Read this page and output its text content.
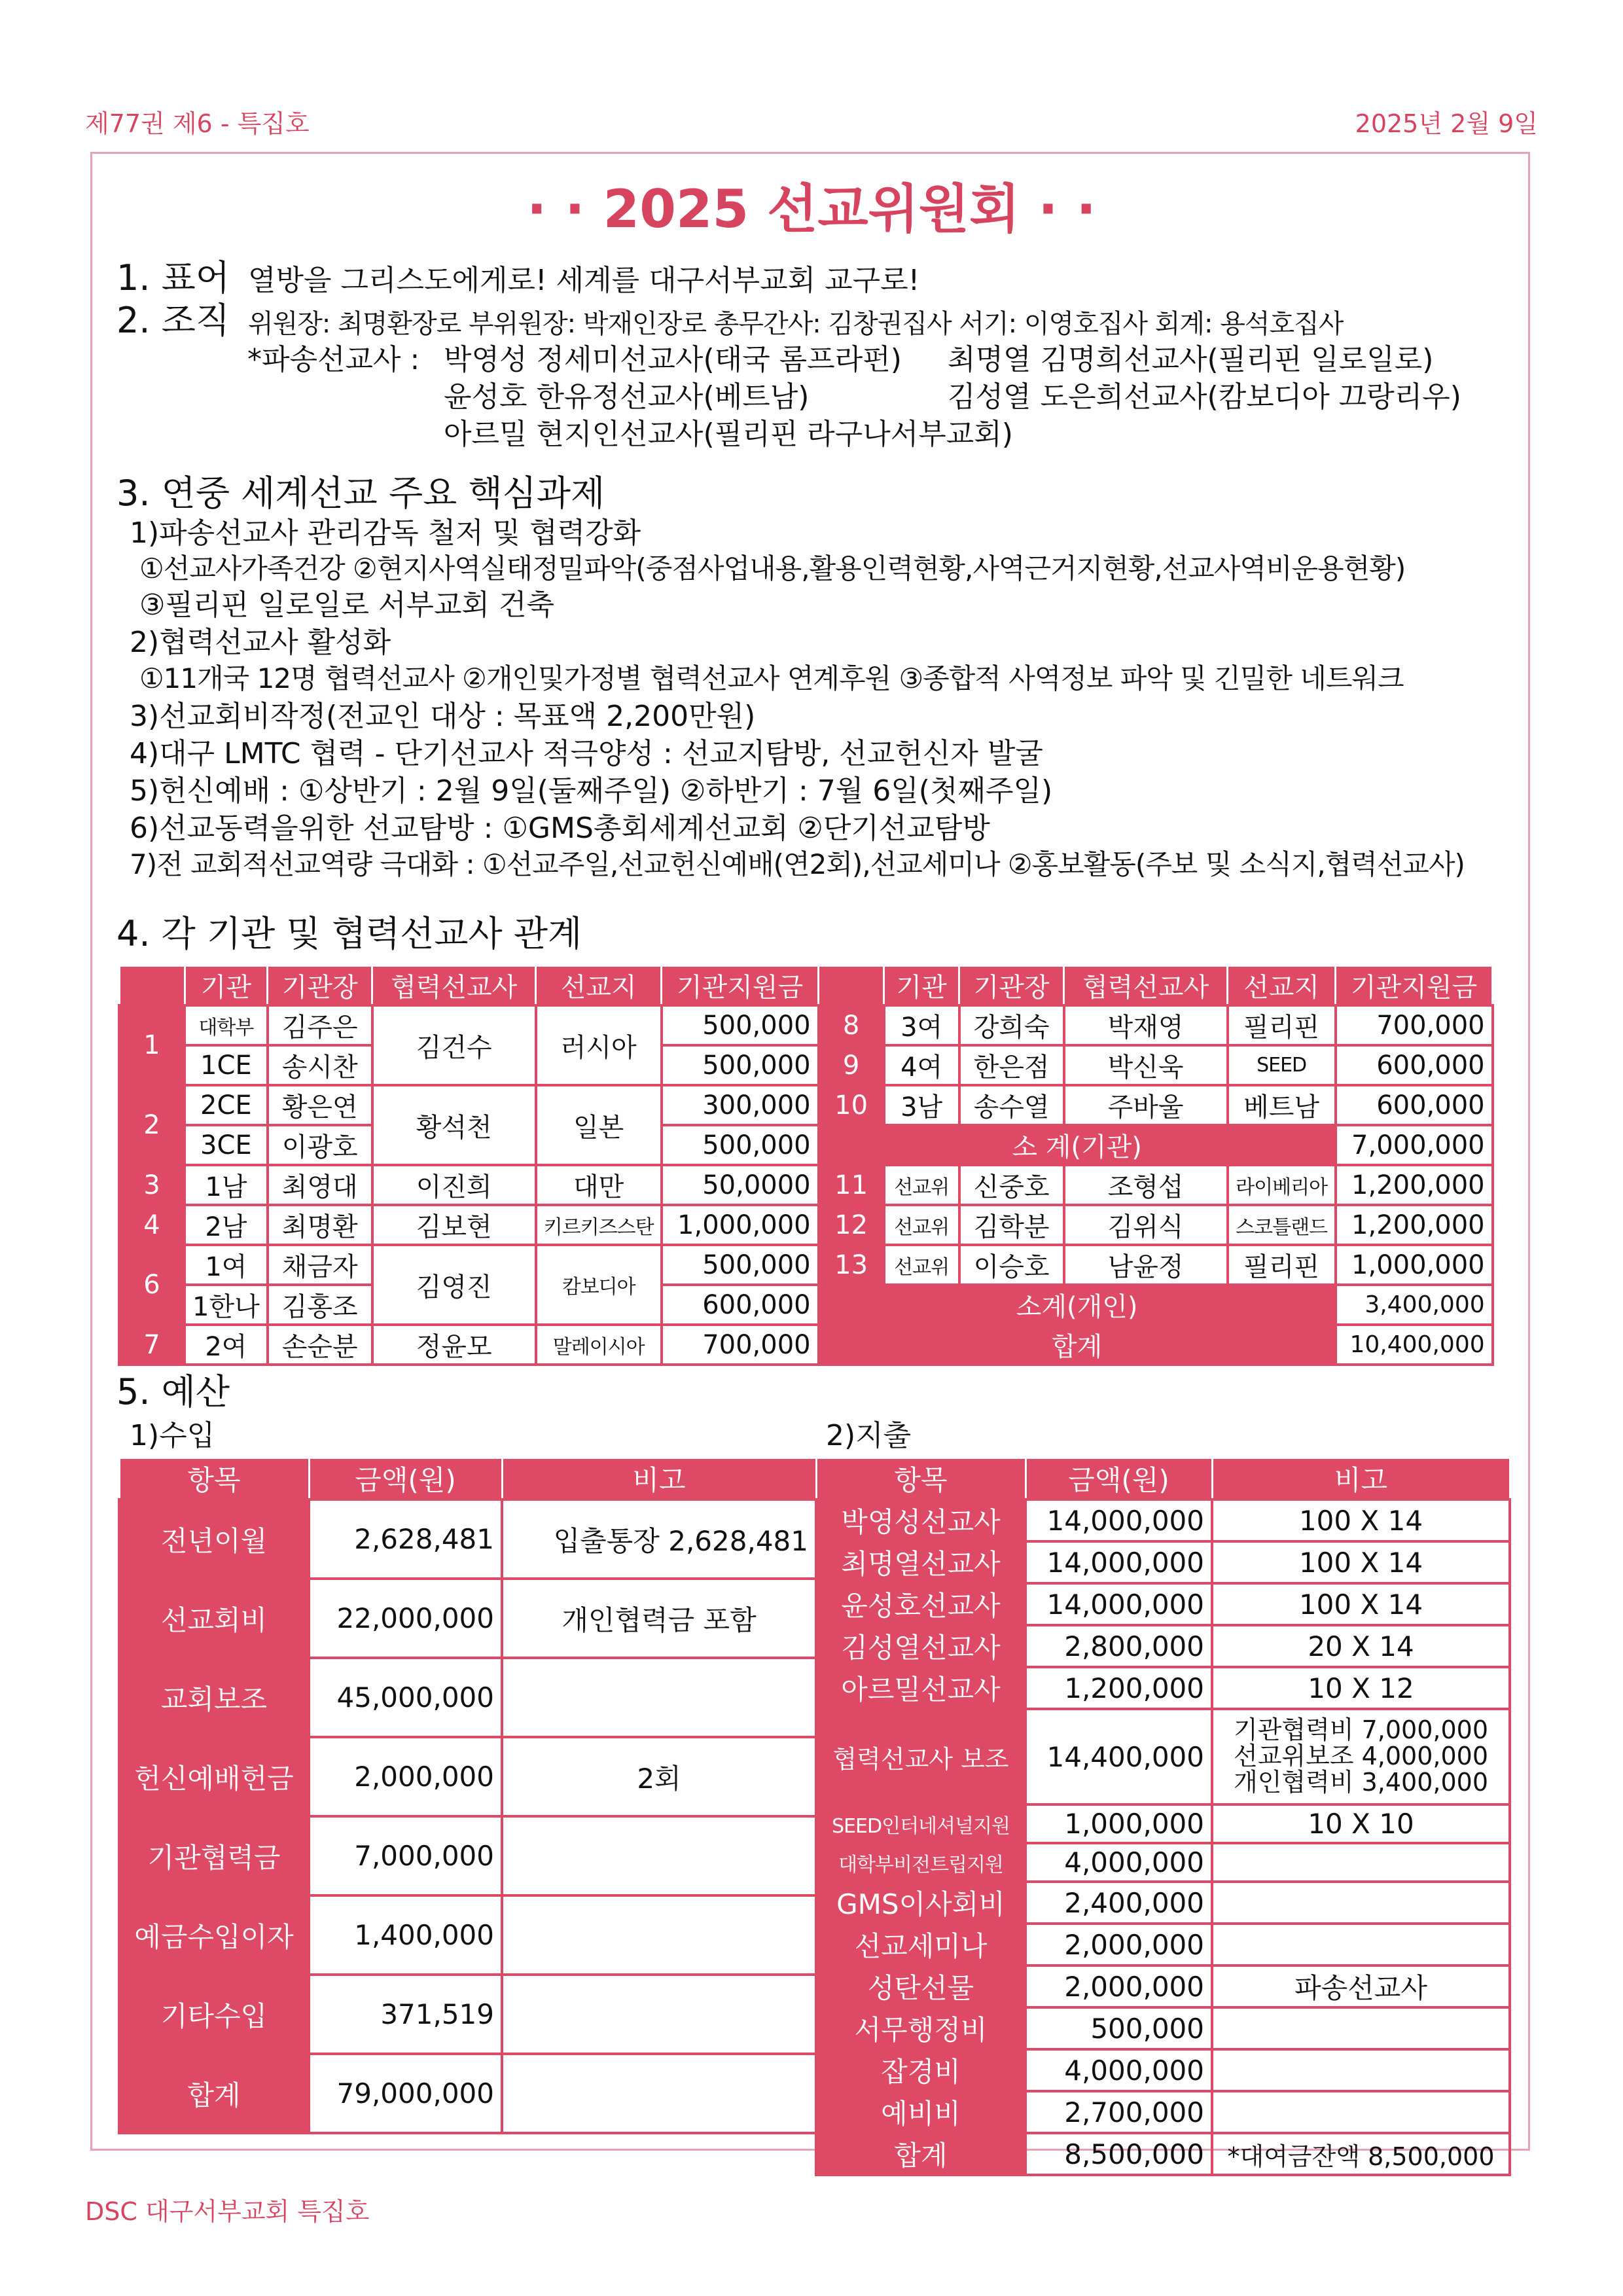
제77권 제6 - 특집호	2025년 2월 9일
· · 2025 선교위원회 · ·
1. 표어 열방을 그리스도에게로! 세계를 대구서부교회 교구로!
2. 조직 위원장: 최명환장로 부위원장: 박재인장로 총무간사: 김창권집사 서기: 이영호집사 회계: 용석호집사
*파송선교사 : 박영성 정세미선교사(태국 롬프라펀) 최명열 김명희선교사(필리핀 일로일로)
윤성호 한유정선교사(베트남)	김성열 도은희선교사(캄보디아 끄랑리우)
아르밀 현지인선교사(필리핀 라구나서부교회)
3. 연중 세계선교 주요 핵심과제
1)파송선교사 관리감독 철저 및 협력강화
①선교사가족건강 ②현지사역실태정밀파악(중점사업내용,활용인력현황,사역근거지현황,선교사역비운용현황)
③필리핀 일로일로 서부교회 건축
2)협력선교사 활성화
①11개국 12명 협력선교사 ②개인및가정별 협력선교사 연계후원 ③종합적 사역정보 파악 및 긴밀한 네트워크
3)선교회비작정(전교인 대상 : 목표액 2,200만원)
4)대구 LMTC 협력 - 단기선교사 적극양성 : 선교지탐방, 선교헌신자 발굴
5)헌신예배 : ①상반기 : 2월 9일(둘째주일) ②하반기 : 7월 6일(첫째주일)
6)선교동력을위한 선교탐방 : ①GMS총회세계선교회 ②단기선교탐방
7)전 교회적선교역량 극대화 : ①선교주일,선교헌신예배(연2회),선교세미나 ②홍보활동(주보 및 소식지,협력선교사)
4. 각 기관 및 협력선교사 관계
	기관	기관장	협력선교사	선교지	기관지원금		기관	기관장	협력선교사	선교지	기관지원금
1	대학부	김주은	김건수	러시아	500,000	8	3여	강희숙	박재영	필리핀	700,000
	1CE	송시찬			500,000	9	4여	한은점	박신욱	SEED	600,000
2	2CE	황은연	황석천	일본	300,000	10	3남	송수열	주바울	베트남	600,000
	3CE	이광호			500,000	소 계(기관)					7,000,000
3	1남	최영대	이진희	대만	50,0000	11	선교위	신중호	조형섭	라이베리아	1,200,000
4	2남	최명환	김보현	키르키즈스탄	1,000,000	12	선교위	김학분	김위식	스코틀랜드	1,200,000
6	1여	채금자	김영진	캄보디아	500,000	13	선교위	이승호	남윤정	필리핀	1,000,000
	1한나	김홍조			600,000	소계(개인)					3,400,000
7	2여	손순분	정윤모	말레이시아	700,000	합계					10,400,000
5. 예산
1)수입	2)지출
항목	금액(원)	비고
전년이월	2,628,481	입출통장 2,628,481
선교회비	22,000,000	개인협력금 포함
교회보조	45,000,000	
헌신예배헌금	2,000,000	2회
기관협력금	7,000,000	
예금수입이자	1,400,000	
기타수입	371,519	
합계	79,000,000	
항목	금액(원)	비고
박영성선교사	14,000,000	100 X 14
최명열선교사	14,000,000	100 X 14
윤성호선교사	14,000,000	100 X 14
김성열선교사	2,800,000	20 X 14
아르밀선교사	1,200,000	10 X 12
협력선교사 보조	14,400,000	기관협력비 7,000,000
선교위보조 4,000,000
개인협력비 3,400,000

SEED인터네셔널지원	1,000,000	10 X 10
대학부비전트립지원	4,000,000	
GMS이사회비	2,400,000	
선교세미나	2,000,000	
성탄선물	2,000,000	파송선교사
서무행정비	500,000	
잡경비	4,000,000	
예비비	2,700,000	
합계	8,500,000	*대여금잔액 8,500,000
DSC 대구서부교회 특집호
